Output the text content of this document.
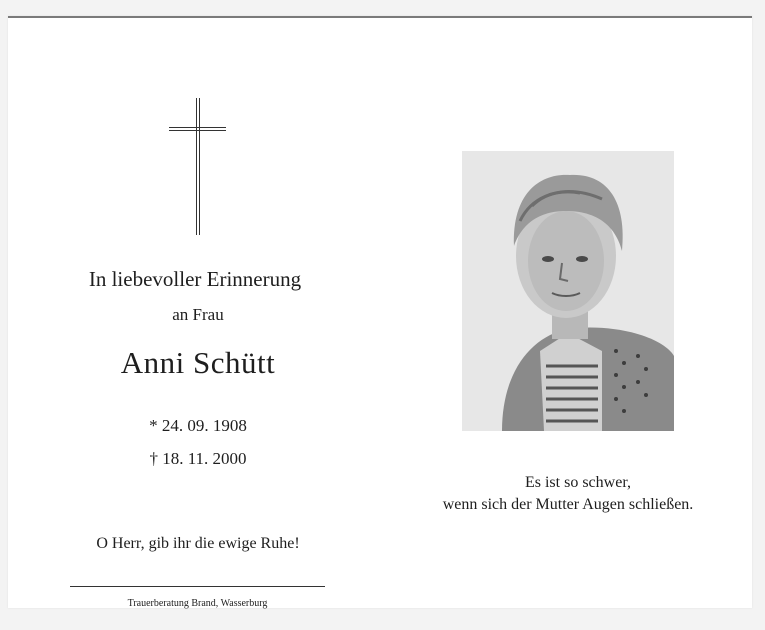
In liebevoller Erinnerung
an Frau
Anni Schütt
* 24. 09. 1908
† 18. 11. 2000
O Herr, gib ihr die ewige Ruhe!
Trauerberatung Brand, Wasserburg
Es ist so schwer,
wenn sich der Mutter Augen schließen.
